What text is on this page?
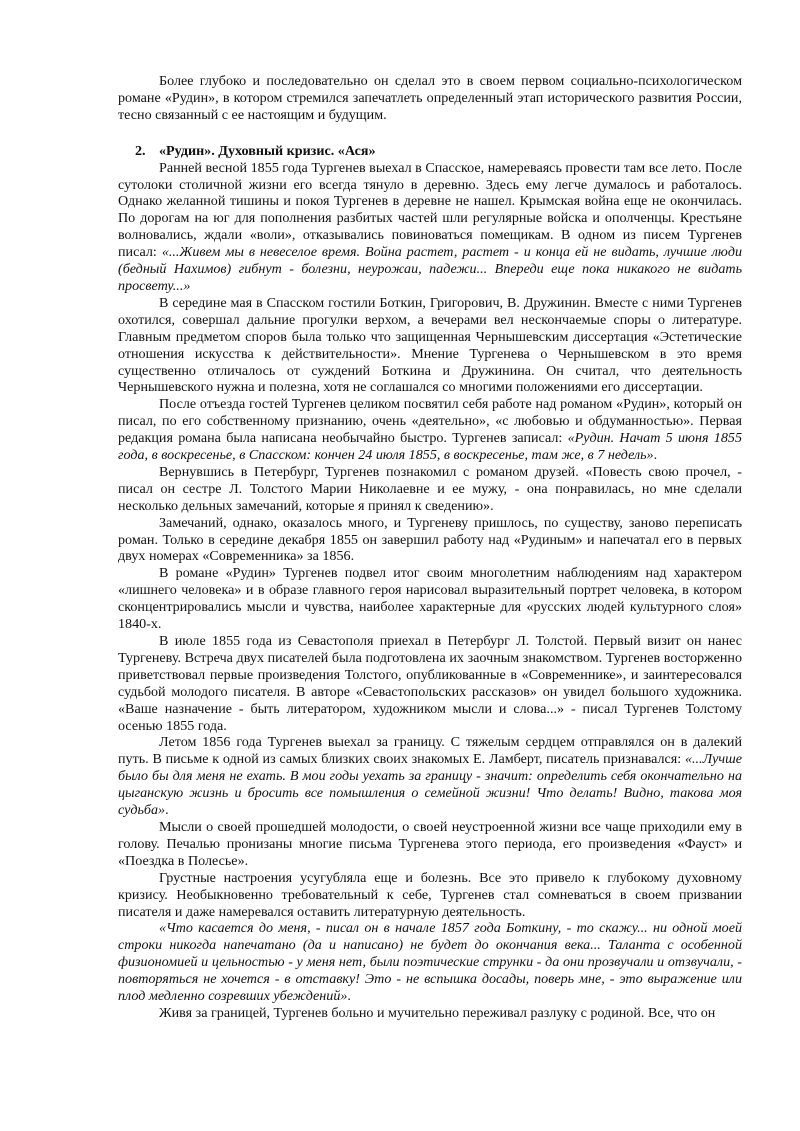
Более глубоко и последовательно он сделал это в своем первом социально-психологическом романе «Рудин», в котором стремился запечатлеть определенный этап исторического развития России, тесно связанный с ее настоящим и будущим.

2. «Рудин». Духовный кризис. «Ася»

Ранней весной 1855 года Тургенев выехал в Спасское, намереваясь провести там все лето. После сутолоки столичной жизни его всегда тянуло в деревню. Здесь ему легче думалось и работалось. Однако желанной тишины и покоя Тургенев в деревне не нашел. Крымская война еще не окончилась. По дорогам на юг для пополнения разбитых частей шли регулярные войска и ополченцы. Крестьяне волновались, ждали «воли», отказывались повиноваться помещикам. В одном из писем Тургенев писал: «...Живем мы в невеселое время. Война растет, растет - и конца ей не видать, лучшие люди (бедный Нахимов) гибнут - болезни, неурожаи, падежи... Впереди еще пока никакого не видать просвету...»

В середине мая в Спасском гостили Боткин, Григорович, В. Дружинин. Вместе с ними Тургенев охотился, совершал дальние прогулки верхом, а вечерами вел нескончаемые споры о литературе. Главным предметом споров была только что защищенная Чернышевским диссертация «Эстетические отношения искусства к действительности». Мнение Тургенева о Чернышевском в это время существенно отличалось от суждений Боткина и Дружинина. Он считал, что деятельность Чернышевского нужна и полезна, хотя не соглашался со многими положениями его диссертации.

После отъезда гостей Тургенев целиком посвятил себя работе над романом «Рудин», который он писал, по его собственному признанию, очень «деятельно», «с любовью и обдуманностью». Первая редакция романа была написана необычайно быстро. Тургенев записал: «Рудин. Начат 5 июня 1855 года, в воскресенье, в Спасском: кончен 24 июля 1855, в воскресенье, там же, в 7 недель».

Вернувшись в Петербург, Тургенев познакомил с романом друзей. «Повесть свою прочел, - писал он сестре Л. Толстого Марии Николаевне и ее мужу, - она понравилась, но мне сделали несколько дельных замечаний, которые я принял к сведению».

Замечаний, однако, оказалось много, и Тургеневу пришлось, по существу, заново переписать роман. Только в середине декабря 1855 он завершил работу над «Рудиным» и напечатал его в первых двух номерах «Современника» за 1856.

В романе «Рудин» Тургенев подвел итог своим многолетним наблюдениям над характером «лишнего человека» и в образе главного героя нарисовал выразительный портрет человека, в котором сконцентрировались мысли и чувства, наиболее характерные для «русских людей культурного слоя» 1840-х.

В июле 1855 года из Севастополя приехал в Петербург Л. Толстой. Первый визит он нанес Тургеневу. Встреча двух писателей была подготовлена их заочным знакомством. Тургенев восторженно приветствовал первые произведения Толстого, опубликованные в «Современнике», и заинтересовался судьбой молодого писателя. В авторе «Севастопольских рассказов» он увидел большого художника. «Ваше назначение - быть литератором, художником мысли и слова...» - писал Тургенев Толстому осенью 1855 года.

Летом 1856 года Тургенев выехал за границу. С тяжелым сердцем отправлялся он в далекий путь. В письме к одной из самых близких своих знакомых Е. Ламберт, писатель признавался: «...Лучше было бы для меня не ехать. В мои годы уехать за границу - значит: определить себя окончательно на цыганскую жизнь и бросить все помышления о семейной жизни! Что делать! Видно, такова моя судьба».

Мысли о своей прошедшей молодости, о своей неустроенной жизни все чаще приходили ему в голову. Печалью пронизаны многие письма Тургенева этого периода, его произведения «Фауст» и «Поездка в Полесье».

Грустные настроения усугубляла еще и болезнь. Все это привело к глубокому духовному кризису. Необыкновенно требовательный к себе, Тургенев стал сомневаться в своем призвании писателя и даже намеревался оставить литературную деятельность.

«Что касается до меня, - писал он в начале 1857 года Боткину, - то скажу... ни одной моей строки никогда напечатано (да и написано) не будет до окончания века... Таланта с особенной физиономией и цельностью - у меня нет, были поэтические струнки - да они прозвучали и отзвучали, - повторяться не хочется - в отставку! Это - не вспышка досады, поверь мне, - это выражение или плод медленно созревших убеждений».

Живя за границей, Тургенев больно и мучительно переживал разлуку с родиной. Все, что он
